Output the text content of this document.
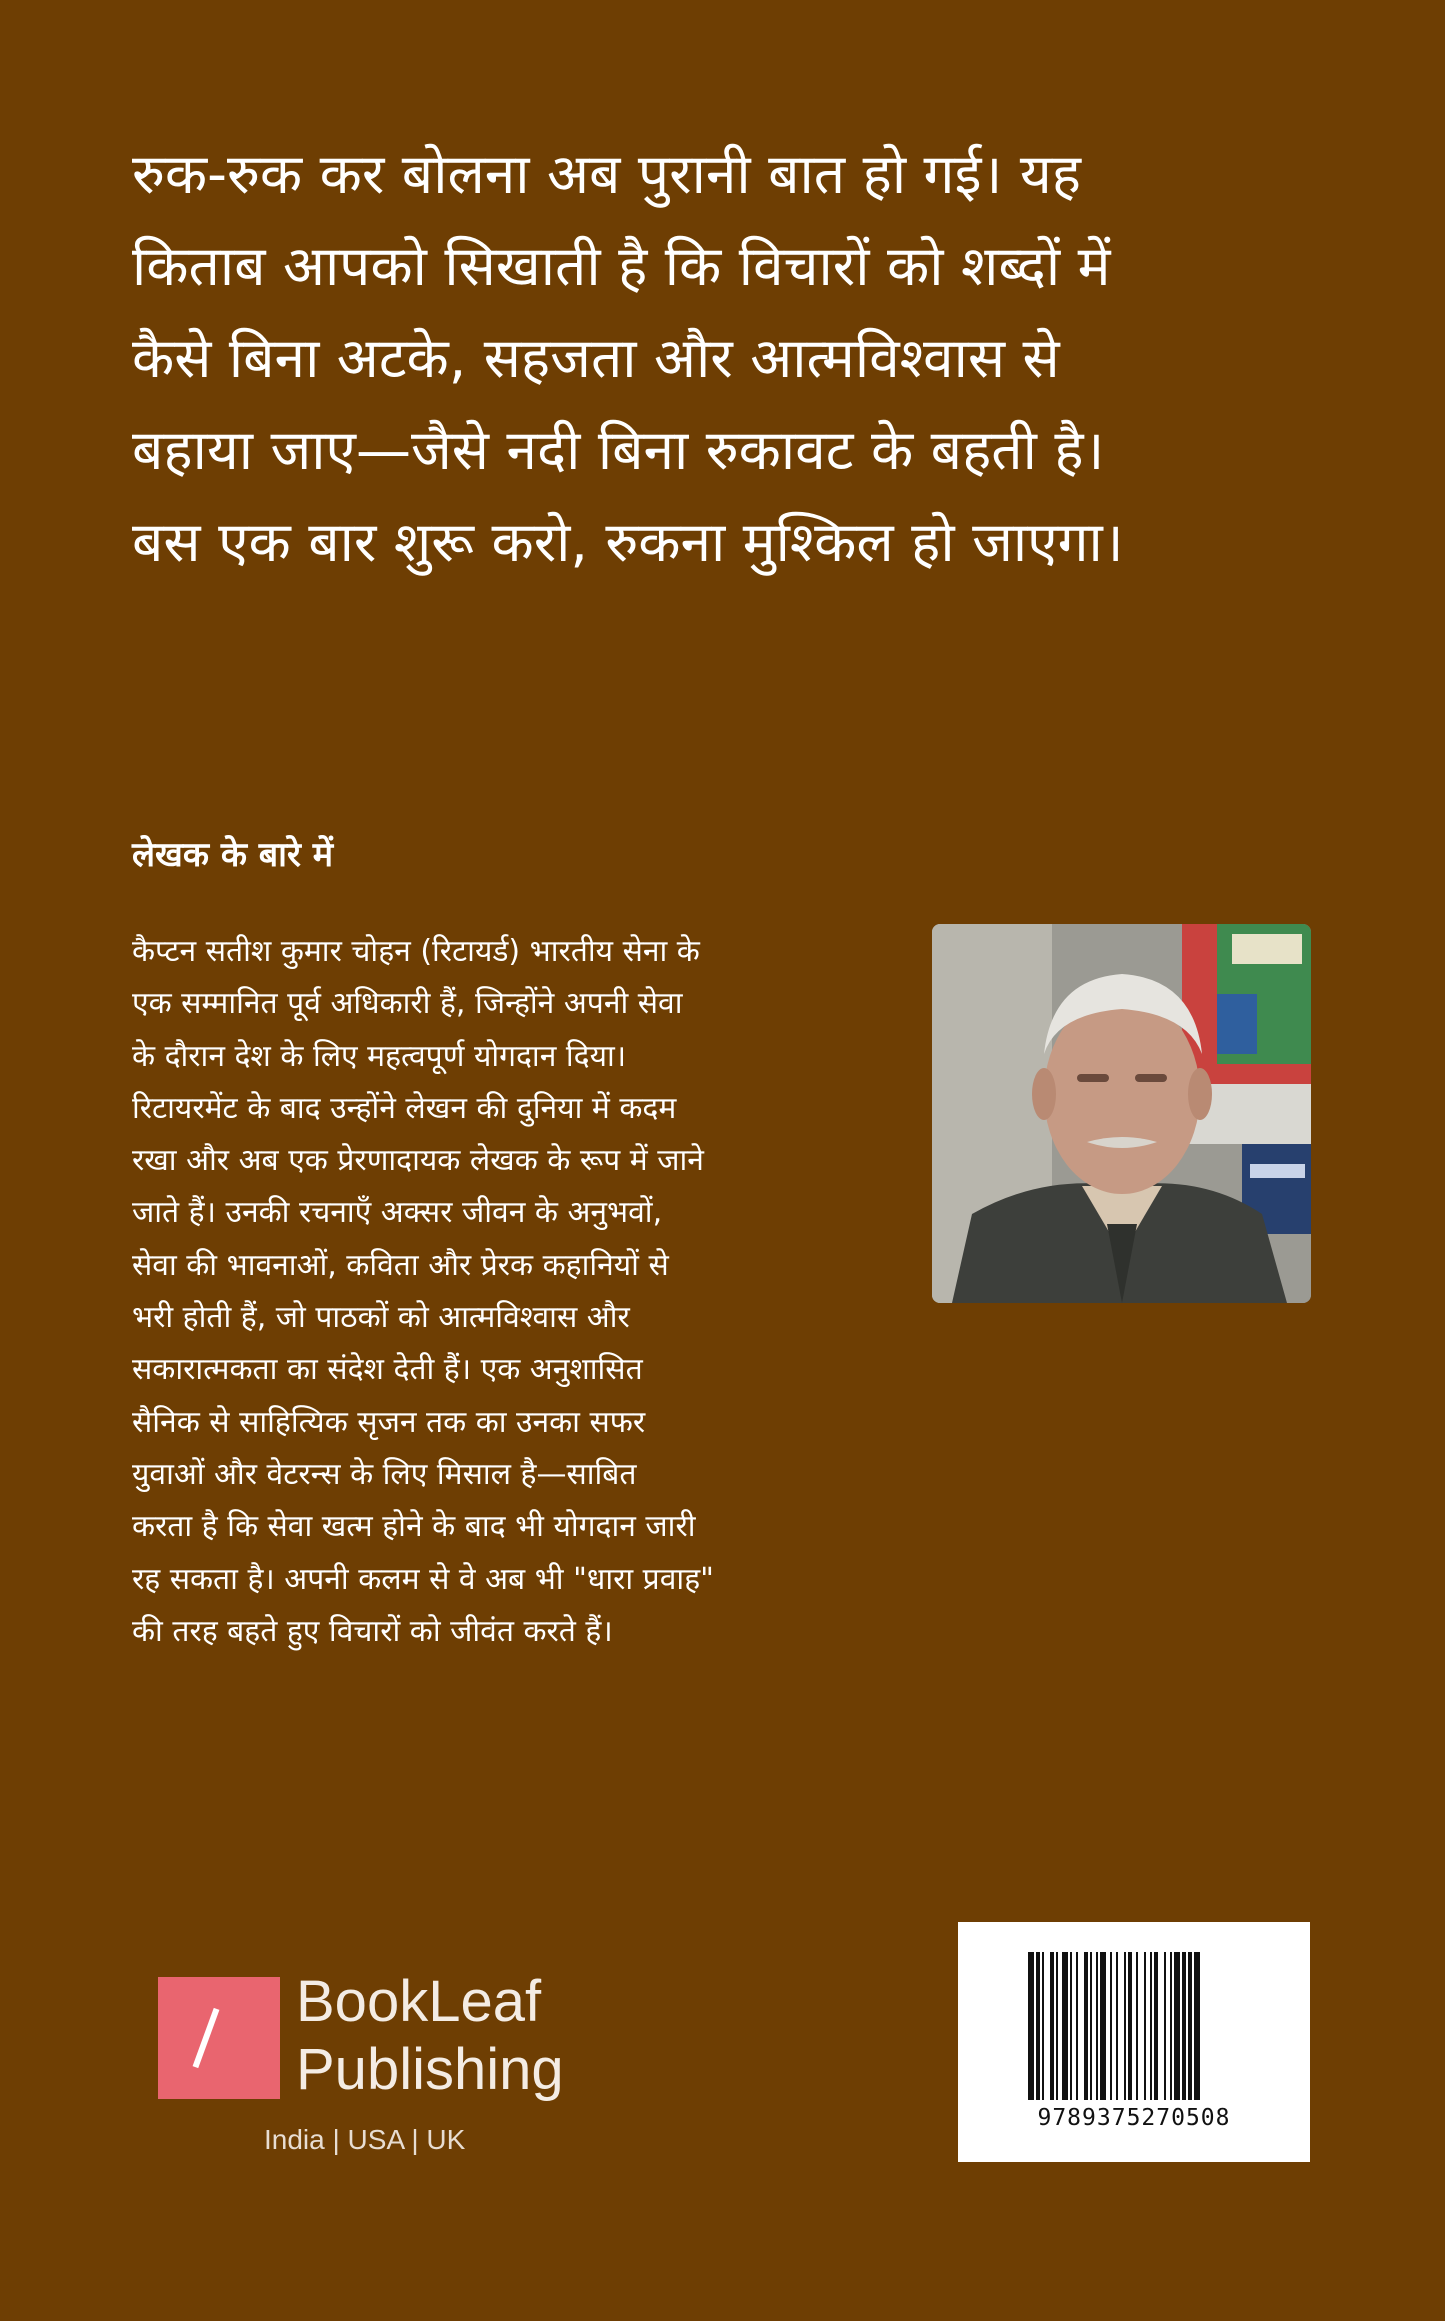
रुक-रुक कर बोलना अब पुरानी बात हो गई। यह
किताब आपको सिखाती है कि विचारों को शब्दों में
कैसे बिना अटके, सहजता और आत्मविश्वास से
बहाया जाए—जैसे नदी बिना रुकावट के बहती है।
बस एक बार शुरू करो, रुकना मुश्किल हो जाएगा।
लेखक के बारे में
कैप्टन सतीश कुमार चोहन (रिटायर्ड) भारतीय सेना के
एक सम्मानित पूर्व अधिकारी हैं, जिन्होंने अपनी सेवा
के दौरान देश के लिए महत्वपूर्ण योगदान दिया।
रिटायरमेंट के बाद उन्होंने लेखन की दुनिया में कदम
रखा और अब एक प्रेरणादायक लेखक के रूप में जाने
जाते हैं। उनकी रचनाएँ अक्सर जीवन के अनुभवों,
सेवा की भावनाओं, कविता और प्रेरक कहानियों से
भरी होती हैं, जो पाठकों को आत्मविश्वास और
सकारात्मकता का संदेश देती हैं। एक अनुशासित
सैनिक से साहित्यिक सृजन तक का उनका सफर
युवाओं और वेटरन्स के लिए मिसाल है—साबित
करता है कि सेवा खत्म होने के बाद भी योगदान जारी
रह सकता है। अपनी कलम से वे अब भी "धारा प्रवाह"
की तरह बहते हुए विचारों को जीवंत करते हैं।
BookLeaf
Publishing
India | USA | UK
9789375270508
